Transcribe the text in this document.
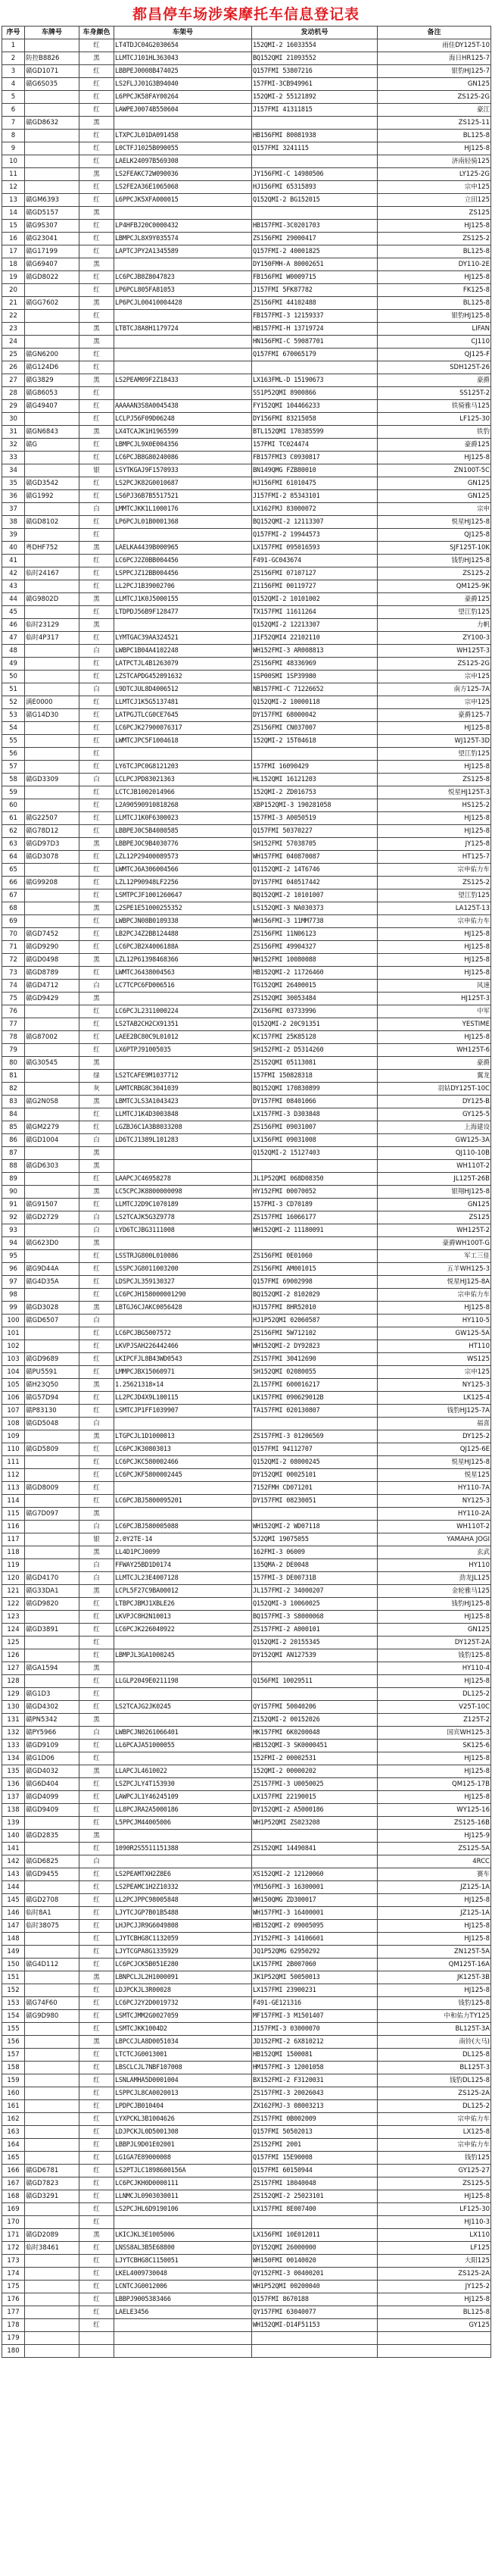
都昌停车场涉案摩托车信息登记表
序号	车牌号	车身颜色	车架号	发动机号	备注
1		红	LT4TDJC04G2030654	152QMI-2 16033554	雨佳DY125T-10
2	防控B8826	黑	LLMTCJ101HL363043	BQ152QMI 21093552	海日HR125-7
3	赣GD1071	红	LBBPEJ0008B474025	Q157FMI 53807216	银豹HJ125-7
4	赣G6S035	红	LS2FLJJ01G3B94040	157FMI-3CB949961	GN125
5		红	L6PPCJK58FAY00264	152QMI-2 55121892	ZS125-2G
6		红	LAWPEJ0074B550604	J157FMI 41311815	豪江
7	赣GD8632	黑			ZS125-11
8		红	LTXPCJL01DA091458	HB156FMI 80081938	BL125-8
9		红	L0CTFJ1025B090055	Q157FMI 3241115	HJ125-8
10		红	LAELK24097B569308		济南轻骑125
11		黑	LS2FEAKC72W090036	JY156FMI-C 14980506	LY125-2G
12		红	LS2FE2A36E1065068	HJ156FMI 65315893	宗申125
13	赣GM6393	红	L6PPCJK5XFA000015	Q152QMI-2 BG152015	立田125
14	赣GD5157	黑			ZS125
15	赣G9S307	红	LP4HFBJ20C0000432	HB157FMI-3C0201703	HJ125-8
16	赣G23041	红	LBMPCJL8X9Y035574	ZS156FMI 29000417	ZS125-2
17	赣G17199	红	LAPTCJPY2A1345589	Q157FMI-2 40001825	BL125-8
18	赣G69407	黑		DY150FMH-A 80002651	DY110-2E
19	赣GD8022	红	LC6PCJB8Z8047823	FB156FMI W0009715	HJ125-8
20		红	LP6PCL805FA81053	J157FMI 5FK87782	FK125-8
21	赣GG7602	黑	LP6PCJL00410004428	ZS156FMI 44102488	BL125-8
22		红		FB157FMI-3 12159337	银豹HJ125-8
23		黑	LTBTCJ8A8H1179724	HB157FMI-H 13719724	LIFAN
24		黑		HN156FMI-C 59087701	CJ110
25	赣GN6200	红		Q157FMI 670065179	QJ125-F
26	赣G124D6	红			SDH125T-26
27	赣G3829	黑	LS2PEAM09F2Z18433	LX163FML-D 15190673	豪爵
28	赣G86053	红		SS1P52QMI 8900866	SS125T-2
29	赣G49407	红	AAAAAN3S8A0045438	FY152QMI 104466233	铁骑雅马125
30		红	LCLPJ56F09D06248	DY156FMI 83215058	LF125-30
31	赣GN6843	黑	LX4TCAJK1H1965599	BTL152QMI 170385599	铁豹
32	赣G	红	LBMPCJL9X0E004356	157FMI TC024474	豪爵125
33		红	LC6PCJB8G80240086	FB157FMI3 C0930817	HJ125-8
34		银	LSYTKGAJ9F1570933	BN149QMG FZB80010	ZN100T-5C
35	赣GD3542	红	LS2PCJK82G0010687	HJ156FMI 61010475	GN125
36	赣G1992	红	LS6PJ36B7B5517521	J157FMI-2 85343101	GN125
37		白	LMMTCJKK1L1000176	LX162FMJ 83000072	宗申
38	赣GD8102	红	LP6PCJL01B0001368	BQ152QMI-2 12113307	悦星HJ125-8
39		红		Q157FMI-2 19944573	QJ125-8
40	粤DHF752	黑	LAELKA4439B000965	LX157FMI 095016593	SJF125T-10K
41		红	LC6PCJ2Z0BB004456	F491-GC043674	钱豹HJ125-8
42	临时24167	红	LSPPCJZ12BB004456	ZS156FMI 07107127	ZS125-2
43		红	LL2PCJ1B39002706	Z1156FMI 00119727	QM125-9K
44	赣G9802D	黑	LLMTCJ1K0J5000155	Q152QMI-2 10101002	豪爵125
45		红	LTDPDJ56B9F128477	TX157FMI 11611264	望江豹125
46	临时23129	黑		Q152QMI-2 12213307	力帆
47	临时4P317	红	LYMTGAC39AA324521	J1F52QMI4 22102110	ZY100-3
48		白	LWBPC1B04A4102248	WH152FMI-3 AR008813	WH125T-3
49		红	LATPCTJL4B1263079	ZS156FMI 48336969	ZS125-2G
50		红	LZSTCAPDG452091632	1SP00SMI 1SP39980	宗申125
51		白	L9DTCJUL8D4006512	NB157FMI-C 71226652	南方125-7A
52	满E0000	红	LLMTCJ1K5G5137481	Q152QMI-2 10000118	宗申125
53	赣G14D30	红	LATPGJTLCG0CE7645	DY157FMI 68000042	豪爵125-7
54		红	LC6PCJK27900076317	ZS156FMI CN037007	HJ125-8
55		红	LWMTCJPC5F1004618	152QMI-2 15T04618	WJ125T-3D
56		红			望江豹125
57		红	LY6TCJPC0G8121203	157FMI 16090429	HJ125-8
58	赣GD3309	白	LCLPCJPD83021363	HL152QMI 16121203	ZS125-8
59		红	LCTCJB1002014966	152QMI-2 ZD016753	悦星HJ125T-3
60		红	L2A90590910818268	XBP152QMI-3 190281058	HS125-2
61	赣G22507	红	LLMTCJ1K0F6300023	157FMI-3 A0050519	HJ125-8
62	赣G78D12	红	LBBPEJ0C5B4080585	Q157FMI 50370227	HJ125-8
63	赣GD97D3	黑	LBBPEJOC9B4030776	SH152FMI 57038705	JY125-8
64	赣GD3078	红	LZL12P29400089573	WH157FMI 040870087	HT125-7
65		红	LWMTCJ6A306004566	Q1152QMI-2 14T6746	宗申佑力车
66	赣G99208	红	LZL12P90948LF2256	DY157FMI 040517442	ZS125-2
67		红	LSMTPCJF1001260647	BQ152QMI-2 10101007	望江豹125
68		黑	L2SPE1E51000255352	LS152QMI-3 NA030373	LA125T-13
69		红	LWBPCJN08B0109338	WH156FMI-3 11MM7738	宗申佑力车
70	赣GD7452	红	LB2PCJ4Z2BB124488	ZS156FMI 11N06123	HJ125-8
71	赣GD9290	红	LC6PCJB2X4006188A	ZS156FMI 49904327	HJ125-8
72	赣GD0498	黑	LZL12P61398468366	NH152FMI 10080088	HJ125-8
73	赣GD8789	红	LWMTCJ6438004563	HB152QMI-2 11726460	HJ125-8
74	赣GD4712	白	LC7TCPC6FD006516	TG152QMI 26400015	风速
75	赣GD9429	黑		ZS152QMI 30053484	HJ125T-3
76		红	LC6PCJL2311000224	ZX156FMI 03733996	中军
77		红	LS2TAB2CH2CX91351	Q152QMI-2 20C91351	YESTIME
78	赣G87002	红	LAEE2BC80C9L01012	KC157FMI 25K85128	HJ125-8
79		红	LX6PTPJ91005035	SH152FMI-2 D5314260	WH125T-6
80	赣G30545	黑		ZS152QMI 05113081	豪爵
81		绿	LS2TCAFE9M1037712	157FMI 150828318	翼龙
82		灰	LAMTCRBG8C3041039	BQ152QMI 170830899	羽钻DY125T-10C
83	赣G2N0S8	黑	LBMTCJLS3A1043423	DY157FMI 08401066	DY125-B
84		红	LLMTCJ1K4D3003848	LX157FMI-3 D303848	GY125-5
85	赣GM2279	红	LGZBJ6C1A3B8033208	ZS156FMI 09031007	上海建设
86	赣GD1004	白	LD6TCJ1389L101283	LX156FMI 09031008	GW125-3A
87		黑		Q152QMI-2 15127403	QJ110-10B
88	赣GD6303	黑			WH110T-2
89		红	LAAPCJC46958278	JL1P52QMI 068D08350	JL125T-26B
90		黑	LC5CPCJK8800000098	HY152FMI 00070052	银翔HJ125-8
91	赣G91507	红	LLMTCJ2D9C1070189	157FMI-3 CD70189	GN125
92	赣GD2729	白	LS2TCAJK5G3Z9778	ZS157FMI 16066177	ZS125
93		白	LYD6TCJBG3111008	WH152QMI-2 11180091	WH125T-2
94	赣G623D0	黑			豪爵WH100T-G
95		红	LSSTRJG800L010086	ZS156FMI 0E01060	军工三佳
96	赣G9D44A	红	LSSPCJG8011003200	ZS156FMI AM001015	五羊WH125-3
97	赣G4D35A	红	LDSPCJL359130327	Q157FMI 69002998	悦星HJ125-8A
98		红	LC6PCJH158000001290	BQ152QMI-2 8102029	宗申佑力车
99	赣GD3028	黑	LBTGJ6CJAKC0056428	HJ157FMI 8HR52010	HJ125-8
100	赣GD6507	白		HJ1P52QMI 02060587	HY110-5
101		红	LC6PCJBG5007572	ZS156FMI 5W712102	GW125-5A
102		红	LKVPJSAH226442466	WH152QMI-2 DY92823	HT110
103	赣GD9689	红	LKIPCFJL8B43WD0543	ZS157FMI 30412690	WS125
104	赣PU5591	红	LMMPCJBX15060971	SH152QMI 02080055	宗申125
105	赣H23Q50	黑	1.25621318×14	ZL157FMI 600016217	NY125-3
106	赣G57D94	红	LL2PCJD4X9L100115	LK157FMI 090629012B	LK125-4
107	赣P83130	红	LSMTCJP1FF1039907	TA157FMI 020130807	钱豹HJ125-7A
108	赣GD5048	白			福喜
109		黑	LTGPCJL1D1000013	ZS157FMI-3 01206569	DY125-2
110	赣GD5809	红	LC6PCJK30803013	Q157FMI 94112707	QJ125-6E
111		红	LC6PCJKC580002466	Q152QMI-2 08000245	悦星HJ125-8
112		红	LC6PCJKF5800002445	DY152QMI 00025101	悦星125
113	赣GD8009	红		7152FMH CD071201	HY110-7A
114		红	LC6PCJBJ5800095201	DY157FMI 08230051	NY125-3
115	赣G7D097	黑			HY110-2A
116		白	LC6PCJBJ580005088	WH152QMI-2 WD07118	WH110T-2
117		银	2.0Y2TE-14	5J2QMI 19075055	YAMAHA JOGI
118		黑	LL4D1PCJ0099	162FMI-3 06009	玄武
119		白	FFWAY25BD1D0174	135QMA-2 DE0048	HY110
120	赣GD4170	白	LLMTCJL23E4007128	157FMI-3 DE00731B	劲龙JL125
121	赣G33DA1	黑	LCPL5F27C9BA00012	JL157FMI-2 34000207	金轮雅马125
122	赣GD9820	红	LTBPCJBMJ1XBLE26	Q152QMI-3 10060025	钱豹HJ125-8
123		红	LKVPJC8H2N10013	BQ157FMI-3 S8000068	HJ125-8
124	赣GD3891	红	LC6PCJK226040922	ZS157FMI-2 A000101	GN125
125		红		Q152QMI-2 20155345	DY125T-2A
126		红	LBMPJL3GA1000245	DY152QMI AN127539	钱豹125-8
127	赣GA1594	黑			HY110-4
128		红	LLGLP2049E0211198	Q156FMI 10029511	HJ125-8
129	赣G1D3	红			DL125-2
130	赣GD4302	红	LS2TCAJG2JK0245	QY157FMI 50040206	V25T-10C
131	赣PN5342	黑		Z152QMI-2 00152026	Z125T-2
132	赣PY5966	白	LWBPCJN0261066401	HK157FMI 6K0200048	国宾WH125-3
133	赣GD9109	红	LL6PCAJA51000055	HB152QMI-3 SK0000451	SK125-6
134	赣G1D06	红		152FMI-2 00002531	HJ125-8
135	赣GD4032	黑	LLAPCJL4610022	152QMI-2 00000202	HJ125-8
136	赣G6D404	红	LSZPCJLY4T153930	ZS157FMI-3 U0050025	QM125-17B
137	赣GD4099	红	LAWPCJL1Y46245109	LX157FMI 22190015	HJ125-8
138	赣GD9409	红	LL8PCJRA2A5000186	DY152QMI-2 A5000186	WY125-16
139		红	L5PPCJM44005006	WH1P52QMI ZS023208	ZS125-16B
140	赣GD2835	黑			HJ125-9
141		红	1090R2S5511151388	ZS152QMI 14490841	ZS125-5A
142	赣GD6825	白			4RCC
143	赣GD9455	红	LS2PEAMTXH2Z8E6	XS152QMI-2 12120060	赛车
144		红	LS2PEAMC1H2Z10332	YM156FMI-3 16300001	JZ125-1A
145	赣GD2708	红	LL2PCJPPC98005848	WH150QMG ZD300017	HJ125-8
146	临时8A1	红	LJYTCJGP7B01B5488	WH157FMI-3 16400001	JZ125-1A
147	临时38075	红	LHJPCJJR9G6049808	HB152QMI-2 09005095	HJ125-8
148		红	LJYTCBHG8C1132059	JY152FMI-3 14106601	HJ125-8
149		红	LJYTCGPA8G1335929	JQ1P52QMG 62950292	ZN125T-5A
150	赣G4D112	红	LC6PCJCK5B051E280	LK157FMI 2B007060	QM125T-16A
151		黑	LBNPCLJL2H1000091	JK1P52QMI 50050013	JK125T-3B
152		红	LDJPCKJL3R00028	LX157FMI 23900231	HJ125-8
153	赣G74F60	红	LC6PCJ2Y2D0019732	F491-GE121316	钱豹125-8
154	赣G9D980	红	LSMTCJMM2G0027059	MF157FMI-3 M1501407	中和佑力TY125
155		红	LSMTCJKK1004D2	J157FMI-3 03000070	BL125T-3A
156		黑	LBPCCJLA8D0051034	JD152FMI-2 6X810212	南铃(大马)
157		红	LTCTCJG0013001	HB152QMI 1500081	DL125-8
158		红	LBSCLCJL7NBF107008	HM157FMI-3 12001058	BL125T-3
159		红	LSNLAMHA5D0001004	BX152FMI-2 F3120031	钱豹DL125-8
160		红	LSPPCJL8CA0020013	ZS157FMI-3 20026043	ZS125-2A
161		红	LPDPCJB010404	ZX162FMJ-3 08003213	DL125-2
162		红	LYXPCKL3B1004626	ZS157FMI 0B002009	宗申佑力车
163		红	LDJPCKJL0D5001308	Q157FMI 50502013	LX125-8
164		红	LBBPJL9D01E02001	ZS152FMI 2001	宗申佑力车
165		红	LG1GA7E89000008	Q157FMI 15E90008	钱豹125
166	赣GD6781	红	LS2PTJLC1898600156A	Q157FMI 60150944	GY125-27
167	赣GD7823	红	LC6PCJKH0D0000111	ZS157FMI 18040048	ZS125-5
168	赣GD3291	红	LLNMCJL0903030011	ZS152QMI-2 25023101	HJ125-8
169		红	LS2PCJHL6D9190106	LX157FMI 8E007400	LF125-30
170		红			HJ110-3
171	赣GD2089	黑	LKICJKL3E1005006	LX156FMI 10E012011	LX110
172	临时38461	红	LNSS8AL3B5E68800	DY152QMI 26000000	LF125
173		红	LJYTCBHG8C1150051	WH150FMI 00140020	大阳125
174		红	LKEL4009730048	QY152FMI-3 00400201	ZS125-2A
175		红	LCNTCJG0012006	WH1P52QMI 00200040	JY125-2
176		红	LBBPJ9005383466	Q157FMI 8670188	HJ125-8
177		红	LAELE3456	QY157FMI 63040077	BL125-8
178		红		WH152QMI-D14F51153	GY125
179					
180					
